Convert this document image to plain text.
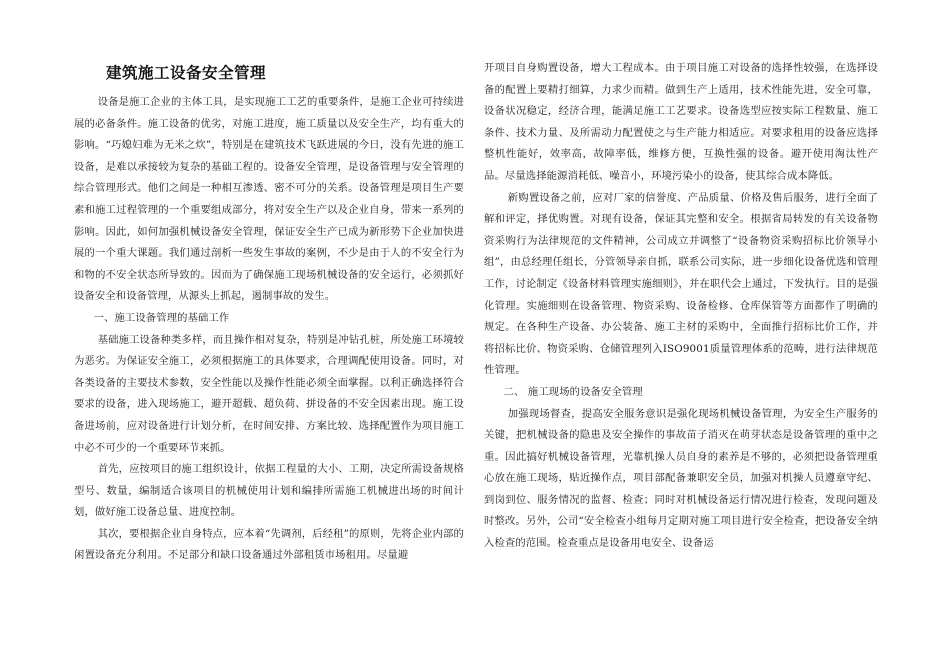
建筑施工设备安全管理

设备是施工企业的主体工具，是实现施工工艺的重要条件，是施工企业可持续进展的必备条件。施工设备的优劣，对施工进度，施工质量以及安全生产，均有重大的影响。“巧媳妇难为无米之炊”，特别是在建筑技术飞跃进展的今日，没有先进的施工设备，是难以承接较为复杂的基础工程的。设备安全管理，是设备管理与安全管理的综合管理形式。他们之间是一种相互渗透、密不可分的关系。设备管理是项目生产要素和施工过程管理的一个重要组成部分，将对安全生产以及企业自身，带来一系列的影响。因此，如何加强机械设备安全管理，保证安全生产已成为新形势下企业加快进展的一个重大课题。我们通过剖析一些发生事故的案例，不少是由于人的不安全行为和物的不安全状态所导致的。因而为了确保施工现场机械设备的安全运行，必须抓好设备安全和设备管理，从源头上抓起，遏制事故的发生。

一、施工设备管理的基础工作

基础施工设备种类多样，而且操作相对复杂，特别是冲钻孔桩，所处施工环境较为恶劣。为保证安全施工，必须根据施工的具体要求，合理调配使用设备。同时，对各类设备的主要技术参数，安全性能以及操作性能必须全面掌握。以利正确选择符合要求的设备，进入现场施工，避开超载、超负荷、拼设备的不安全因素出现。施工设备进场前，应对设备进行计划分析，在时间安排、方案比较、选择配置作为项目施工中必不可少的一个重要环节来抓。

首先，应按项目的施工组织设计，依据工程量的大小、工期，决定所需设备规格型号、数量，编制适合该项目的机械使用计划和编排所需施工机械进出场的时间计划，做好施工设备总量、进度控制。

其次，要根据企业自身特点，应本着“先调剂，后经租”的原则，先将企业内部的闲置设备充分利用。不足部分和缺口设备通过外部租赁市场租用。尽量避

开项目自身购置设备，增大工程成本。由于项目施工对设备的选择性较强，在选择设备的配置上要精打细算，力求少而精。做到生产上适用，技术性能先进，安全可靠，设备状况稳定，经济合理，能满足施工工艺要求。设备选型应按实际工程数量、施工条件、技术力量、及所需动力配置使之与生产能力相适应。对要求租用的设备应选择整机性能好，效率高，故障率低，维修方便，互换性强的设备。避开使用淘汰性产品。尽量选择能源消耗低、噪音小，环境污染小的设备，使其综合成本降低。

新购置设备之前，应对厂家的信誉度、产品质量、价格及售后服务，进行全面了解和评定，择优购置。对现有设备，保证其完整和安全。根据省局转发的有关设备物资采购行为法律规范的文件精神，公司成立并调整了“设备物资采购招标比价领导小组”，由总经理任组长，分管领导亲自抓，联系公司实际，进一步细化设备优选和管理工作，讨论制定《设备材料管理实施细则》，并在职代会上通过，下发执行。目的是强化管理。实施细则在设备管理、物资采购、设备检修、仓库保管等方面都作了明确的规定。在各种生产设备、办公装备、施工主材的采购中，全面推行招标比价工作，并将招标比价、物资采购、仓储管理列入ISO9001质量管理体系的范畴，进行法律规范性管理。

二、 施工现场的设备安全管理

加强现场督查，提高安全服务意识是强化现场机械设备管理，为安全生产服务的关键，把机械设备的隐患及安全操作的事故苗子消灭在萌芽状态是设备管理的重中之重。因此搞好机械设备管理，光靠机操人员自身的素养是不够的，必须把设备管理重心放在施工现场，贴近操作点，项目部配备兼职安全员，加强对机操人员遵章守纪、到岗到位、服务情况的监督、检查；同时对机械设备运行情况进行检查，发现问题及时整改。另外，公司“安全检查小组每月定期对施工项目进行安全检查，把设备安全纳入检查的范围。检查重点是设备用电安全、设备运
